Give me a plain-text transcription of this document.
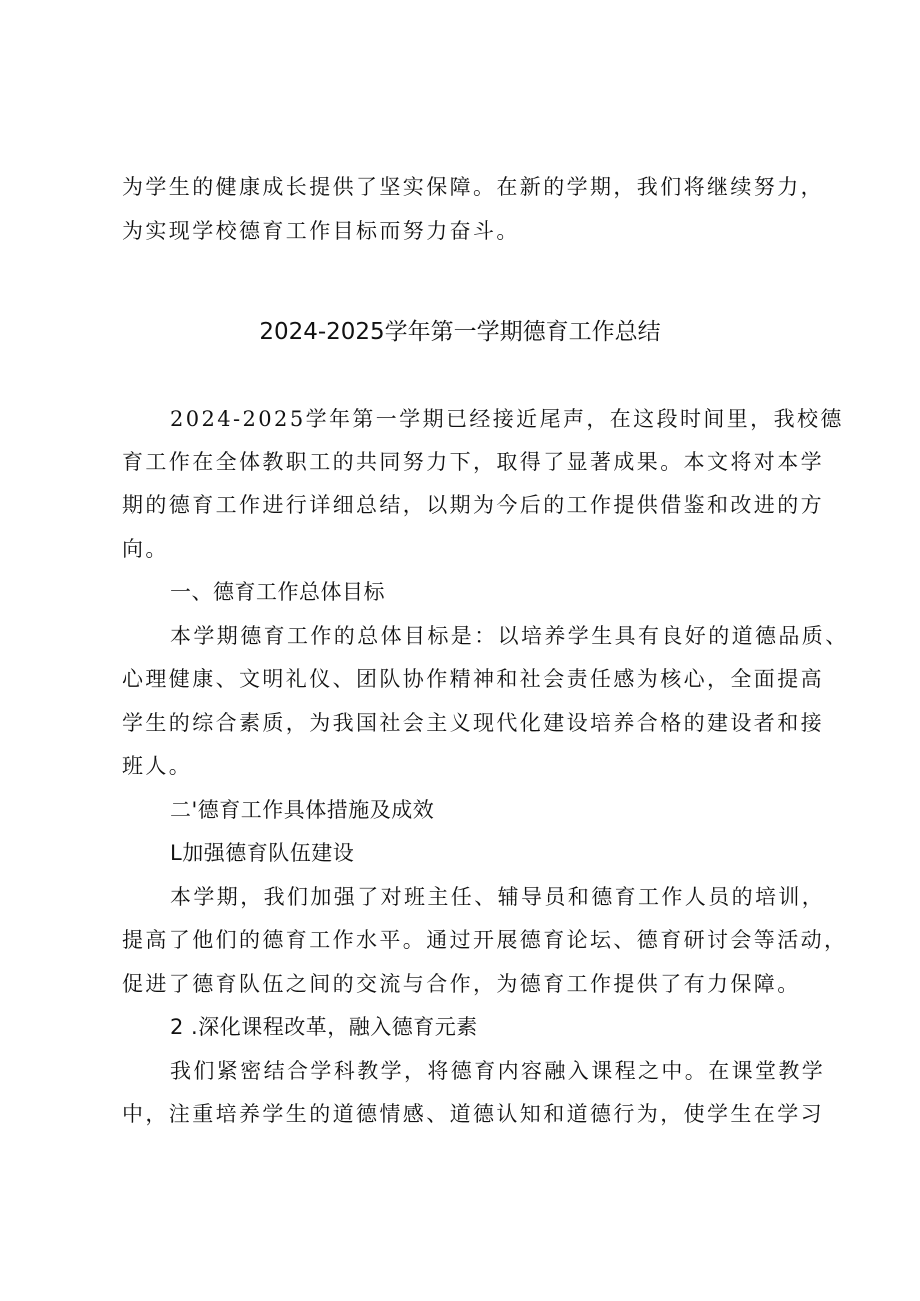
为学生的健康成长提供了坚实保障。在新的学期，我们将继续努力，
为实现学校德育工作目标而努力奋斗。
2024-2025学年第一学期德育工作总结
2024-2025学年第一学期已经接近尾声，在这段时间里，我校德
育工作在全体教职工的共同努力下，取得了显著成果。本文将对本学
期的德育工作进行详细总结，以期为今后的工作提供借鉴和改进的方
向。
一、德育工作总体目标
本学期德育工作的总体目标是：以培养学生具有良好的道德品质、
心理健康、文明礼仪、团队协作精神和社会责任感为核心，全面提高
学生的综合素质，为我国社会主义现代化建设培养合格的建设者和接
班人。
二'德育工作具体措施及成效
L加强德育队伍建设
本学期，我们加强了对班主任、辅导员和德育工作人员的培训，
提高了他们的德育工作水平。通过开展德育论坛、德育研讨会等活动，
促进了德育队伍之间的交流与合作，为德育工作提供了有力保障。
2 .深化课程改革，融入德育元素
我们紧密结合学科教学，将德育内容融入课程之中。在课堂教学
中，注重培养学生的道德情感、道德认知和道德行为，使学生在学习
